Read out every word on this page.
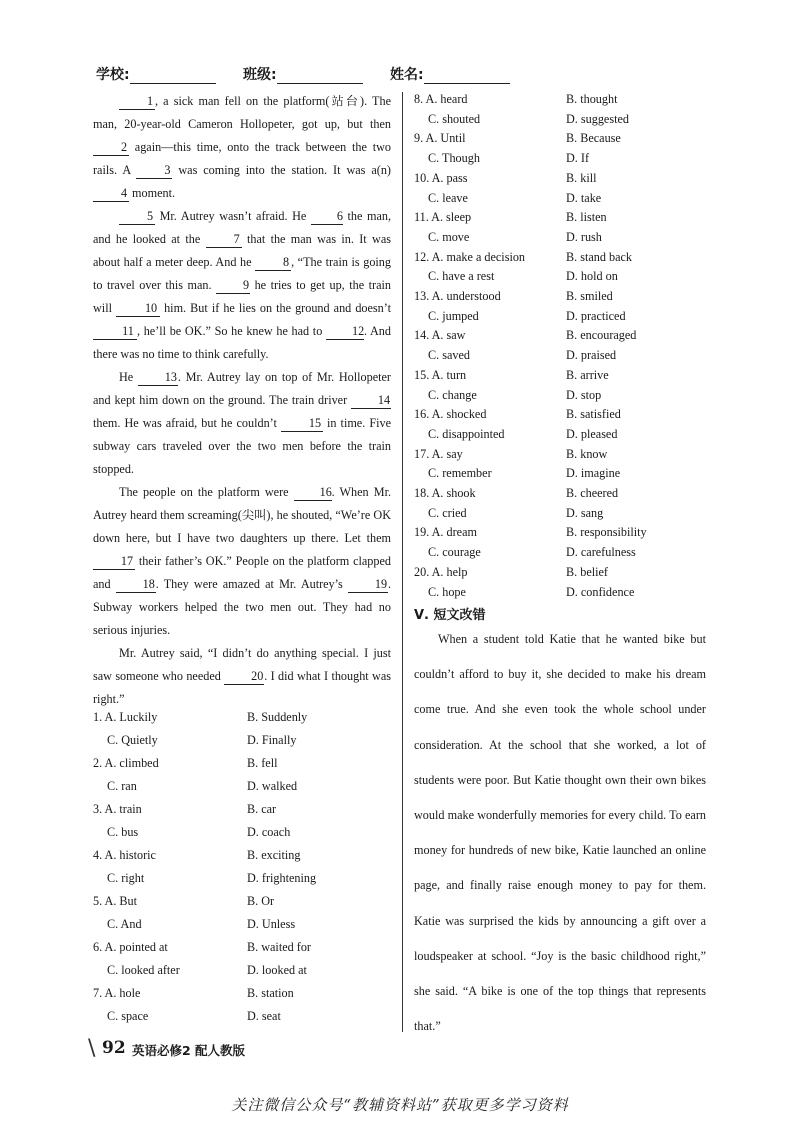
学校:	班级:	姓名:

1 , a sick man fell on the platform(站台). The man, 20-year-old Cameron Hollopeter, got up, but then 2 again—this time, onto the track between the two rails. A 3 was coming into the station. It was a(n) 4 moment.

5 Mr. Autrey wasn’t afraid. He 6 the man, and he looked at the 7 that the man was in. It was about half a meter deep. And he 8 , “The train is going to travel over this man. 9 he tries to get up, the train will 10 him. But if he lies on the ground and doesn’t 11 , he’ll be OK.” So he knew he had to 12. And there was no time to think carefully.

He 13. Mr. Autrey lay on top of Mr. Hollopeter and kept him down on the ground. The train driver 14 them. He was afraid, but he couldn’t 15 in time. Five subway cars traveled over the two men before the train stopped.

The people on the platform were 16. When Mr. Autrey heard them screaming(尖叫), he shouted, “We’re OK down here, but I have two daughters up there. Let them 17 their father’s OK.” People on the platform clapped and 18. They were amazed at Mr. Autrey’s 19. Subway workers helped the two men out. They had no serious injuries.

Mr. Autrey said, “I didn’t do anything special. I just saw someone who needed 20. I did what I thought was right.”

1. A. Luckily	B. Suddenly
C. Quietly	D. Finally
2. A. climbed	B. fell
C. ran	D. walked
3. A. train	B. car
C. bus	D. coach
4. A. historic	B. exciting
C. right	D. frightening
5. A. But	B. Or
C. And	D. Unless
6. A. pointed at	B. waited for
C. looked after	D. looked at
7. A. hole	B. station
C. space	D. seat
8. A. heard	B. thought
C. shouted	D. suggested
9. A. Until	B. Because
C. Though	D. If
10. A. pass	B. kill
C. leave	D. take
11. A. sleep	B. listen
C. move	D. rush
12. A. make a decision	B. stand back
C. have a rest	D. hold on
13. A. understood	B. smiled
C. jumped	D. practiced
14. A. saw	B. encouraged
C. saved	D. praised
15. A. turn	B. arrive
C. change	D. stop
16. A. shocked	B. satisfied
C. disappointed	D. pleased
17. A. say	B. know
C. remember	D. imagine
18. A. shook	B. cheered
C. cried	D. sang
19. A. dream	B. responsibility
C. courage	D. carefulness
20. A. help	B. belief
C. hope	D. confidence
Ⅴ. 短文改错

When a student told Katie that he wanted bike but couldn’t afford to buy it, she decided to make his dream come true. And she even took the whole school under consideration. At the school that she worked, a lot of students were poor. But Katie thought own their own bikes would make wonderfully memories for every child. To earn money for hundreds of new bike, Katie launched an online page, and finally raise enough money to pay for them. Katie was surprised the kids by announcing a gift over a loudspeaker at school. “Joy is the basic childhood right,” she said. “A bike is one of the top things that represents that.”

\ 92 英语必修2 配人教版
关注微信公众号“教辅资料站”获取更多学习资料
